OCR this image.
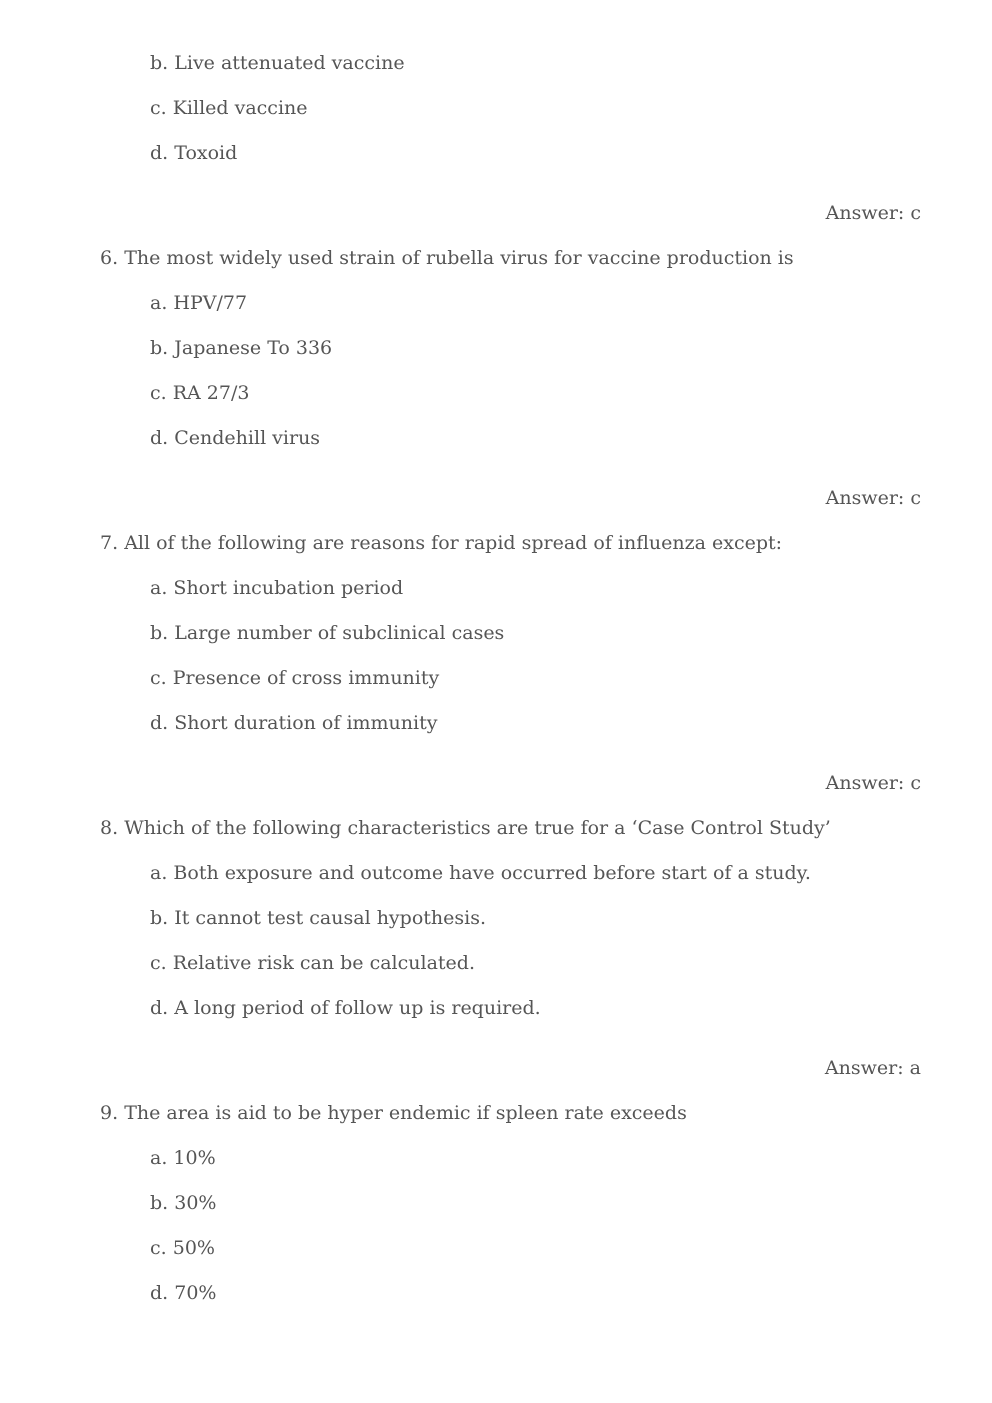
b. Live attenuated vaccine
c. Killed vaccine
d. Toxoid
Answer: c
6. The most widely used strain of rubella virus for vaccine production is
a. HPV/77
b. Japanese To 336
c. RA 27/3
d. Cendehill virus
Answer: c
7. All of the following are reasons for rapid spread of influenza except:
a. Short incubation period
b. Large number of subclinical cases
c. Presence of cross immunity
d. Short duration of immunity
Answer: c
8. Which of the following characteristics are true for a ‘Case Control Study’
a. Both exposure and outcome have occurred before start of a study.
b. It cannot test causal hypothesis.
c. Relative risk can be calculated.
d. A long period of follow up is required.
Answer: a
9. The area is aid to be hyper endemic if spleen rate exceeds
a. 10%
b. 30%
c. 50%
d. 70%
